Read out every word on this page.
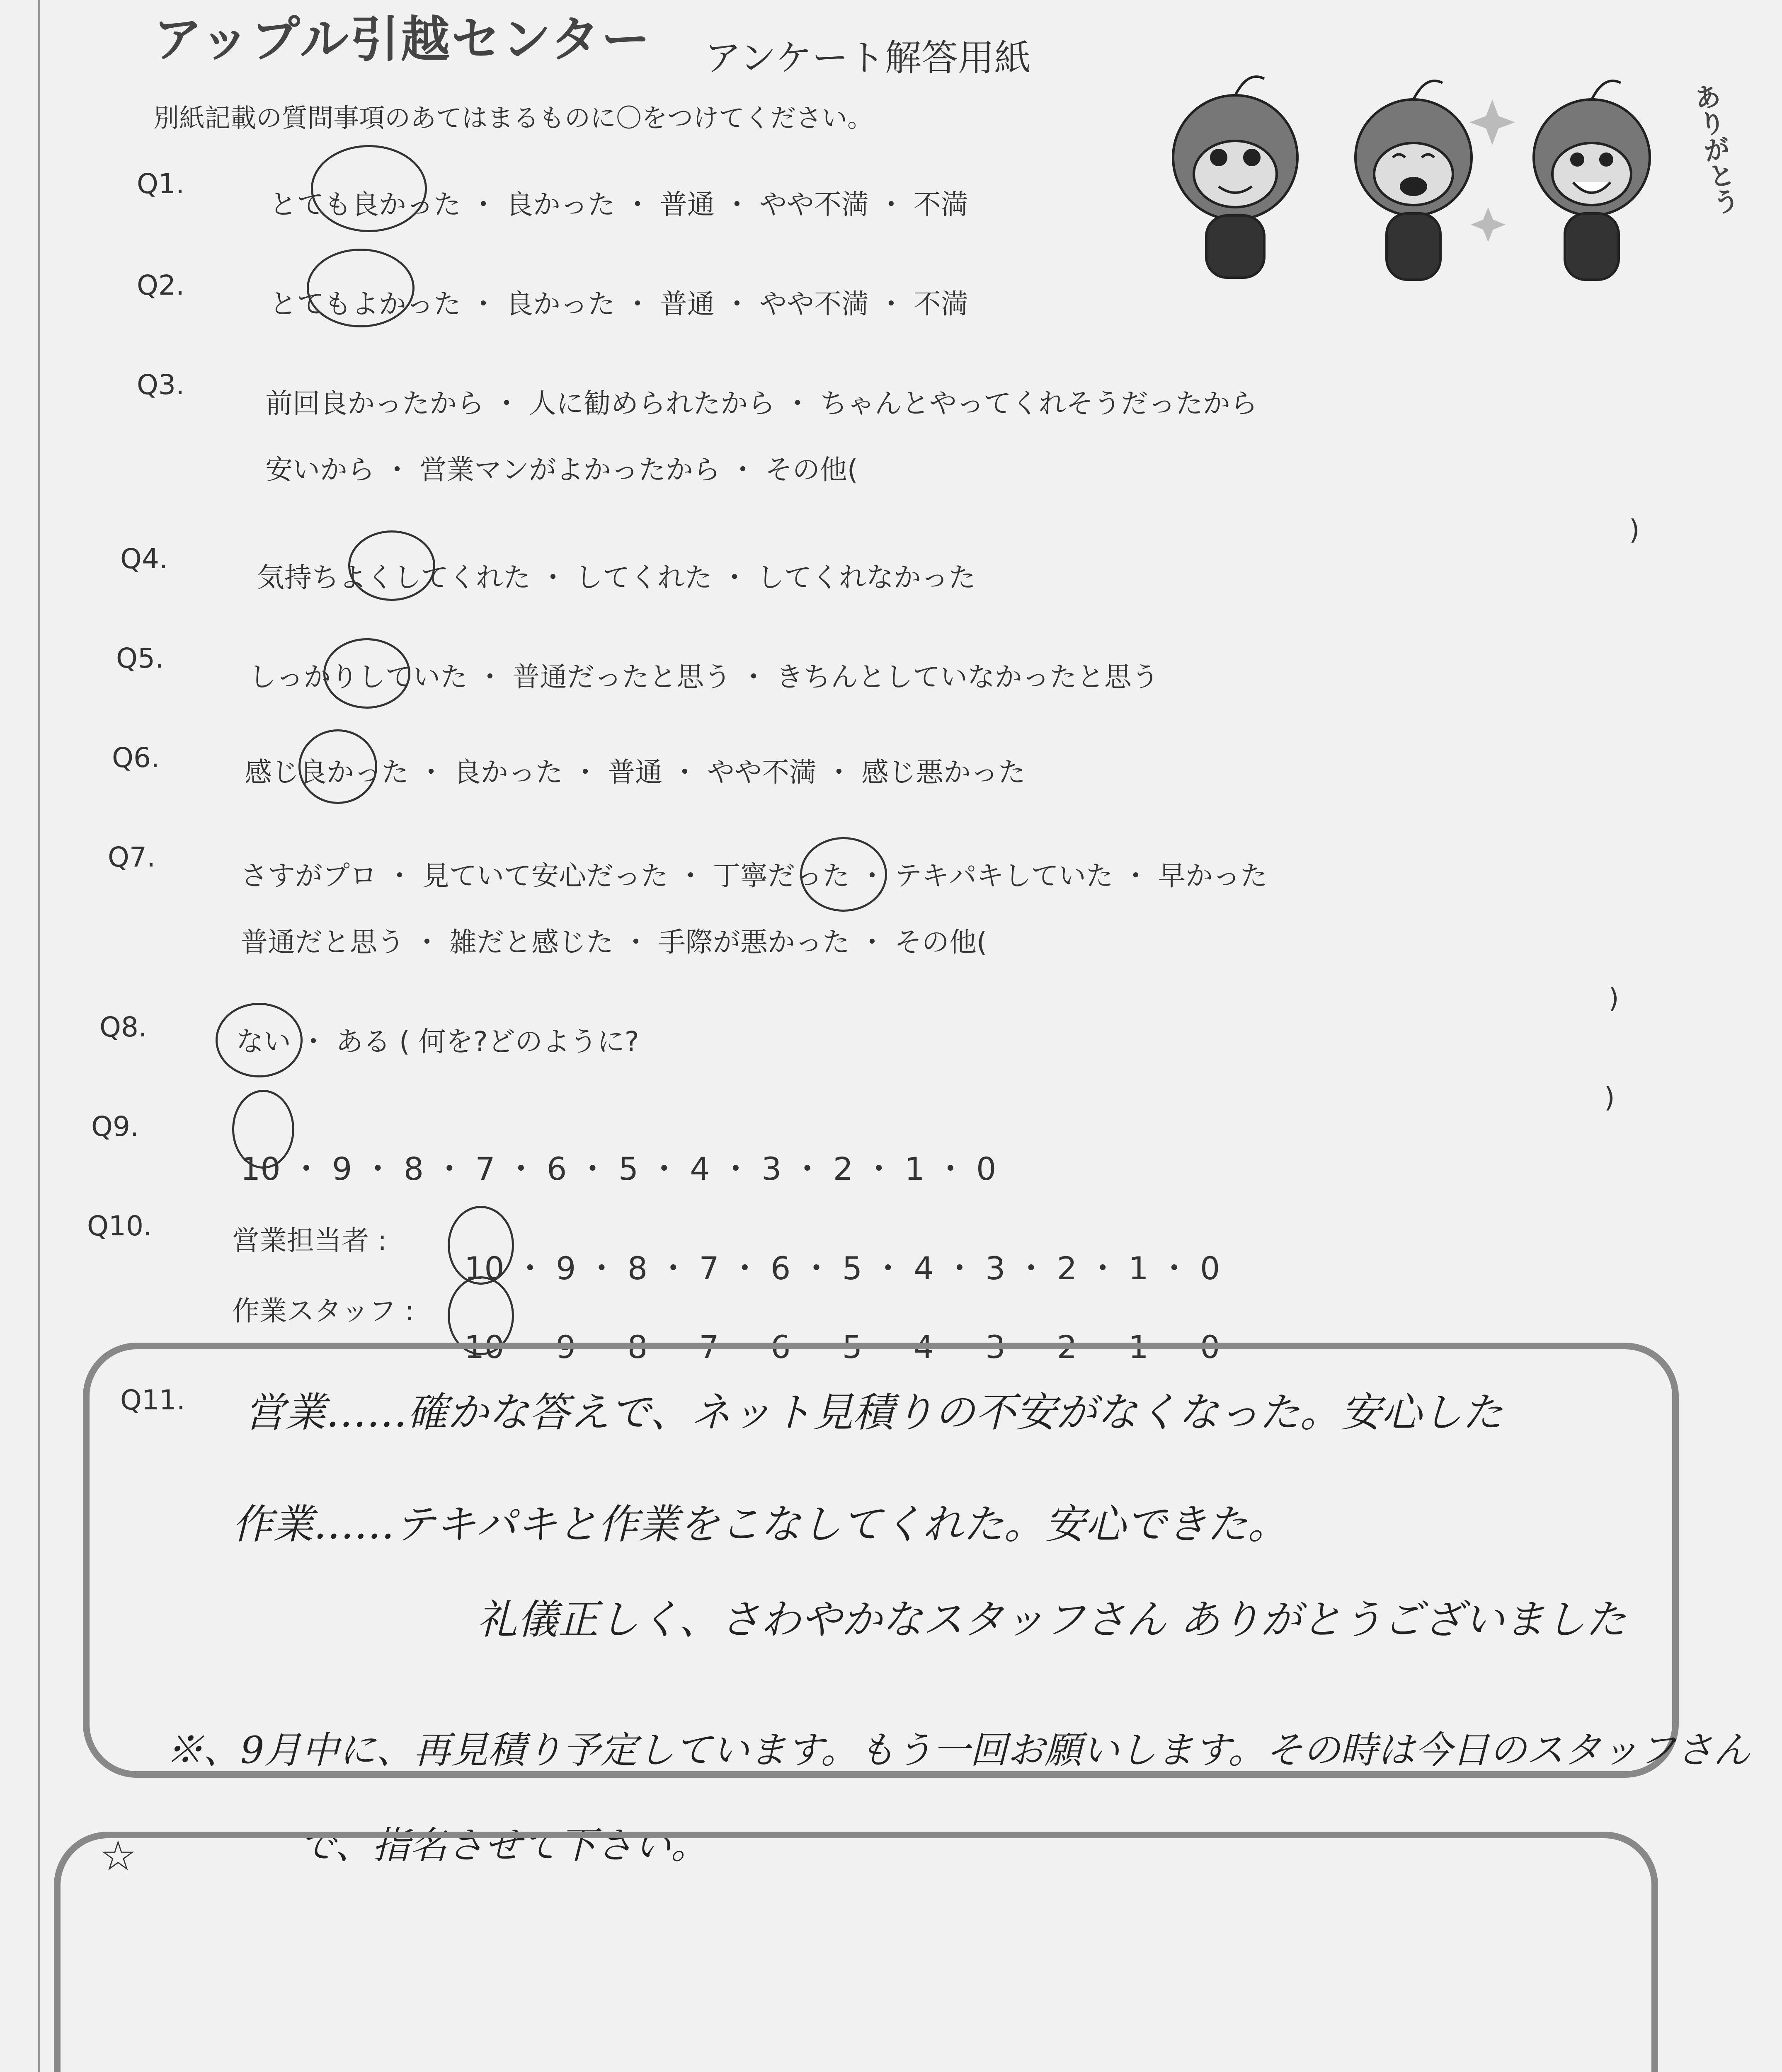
アップル引越センター アンケート解答用紙
別紙記載の質問事項のあてはまるものに〇をつけてください。	ありがとう
Q1.
とても良かった ・ 良かった ・ 普通 ・ やや不満 ・ 不満
Q2.
とてもよかった ・ 良かった ・ 普通 ・ やや不満 ・ 不満
Q3.
前回良かったから ・ 人に勧められたから ・ ちゃんとやってくれそうだったから
安いから ・ 営業マンがよかったから ・ その他(
)
Q4.
気持ちよくしてくれた ・ してくれた ・ してくれなかった
Q5.
しっかりしていた ・ 普通だったと思う ・ きちんとしていなかったと思う
Q6.	感じ良かった ・ 良かった ・ 普通 ・ やや不満 ・ 感じ悪かった
Q7.
さすがプロ ・ 見ていて安心だった ・ 丁寧だった ・ テキパキしていた ・ 早かった
普通だと思う ・ 雑だと感じた ・ 手際が悪かった ・ その他(
)
Q8.	ない ・ ある ( 何を?どのように?
)
Q9.
10 ・ 9 ・ 8 ・ 7 ・ 6 ・ 5 ・ 4 ・ 3 ・ 2 ・ 1 ・ 0
Q10.	営業担当者 :
10 ・ 9 ・ 8 ・ 7 ・ 6 ・ 5 ・ 4 ・ 3 ・ 2 ・ 1 ・ 0
作業スタッフ :
10 ・ 9 ・ 8 ・ 7 ・ 6 ・ 5 ・ 4 ・ 3 ・ 2 ・ 1 ・ 0
Q11. 営業……確かな答えで、ネット見積りの不安がなくなった。安心した
作業……テキパキと作業をこなしてくれた。安心できた。
礼儀正しく、さわやかなスタッフさん ありがとうございました
※、9月中に、再見積り予定しています。もう一回お願いします。その時は今日のスタッフさん
で、指名させて下さい。
☆
